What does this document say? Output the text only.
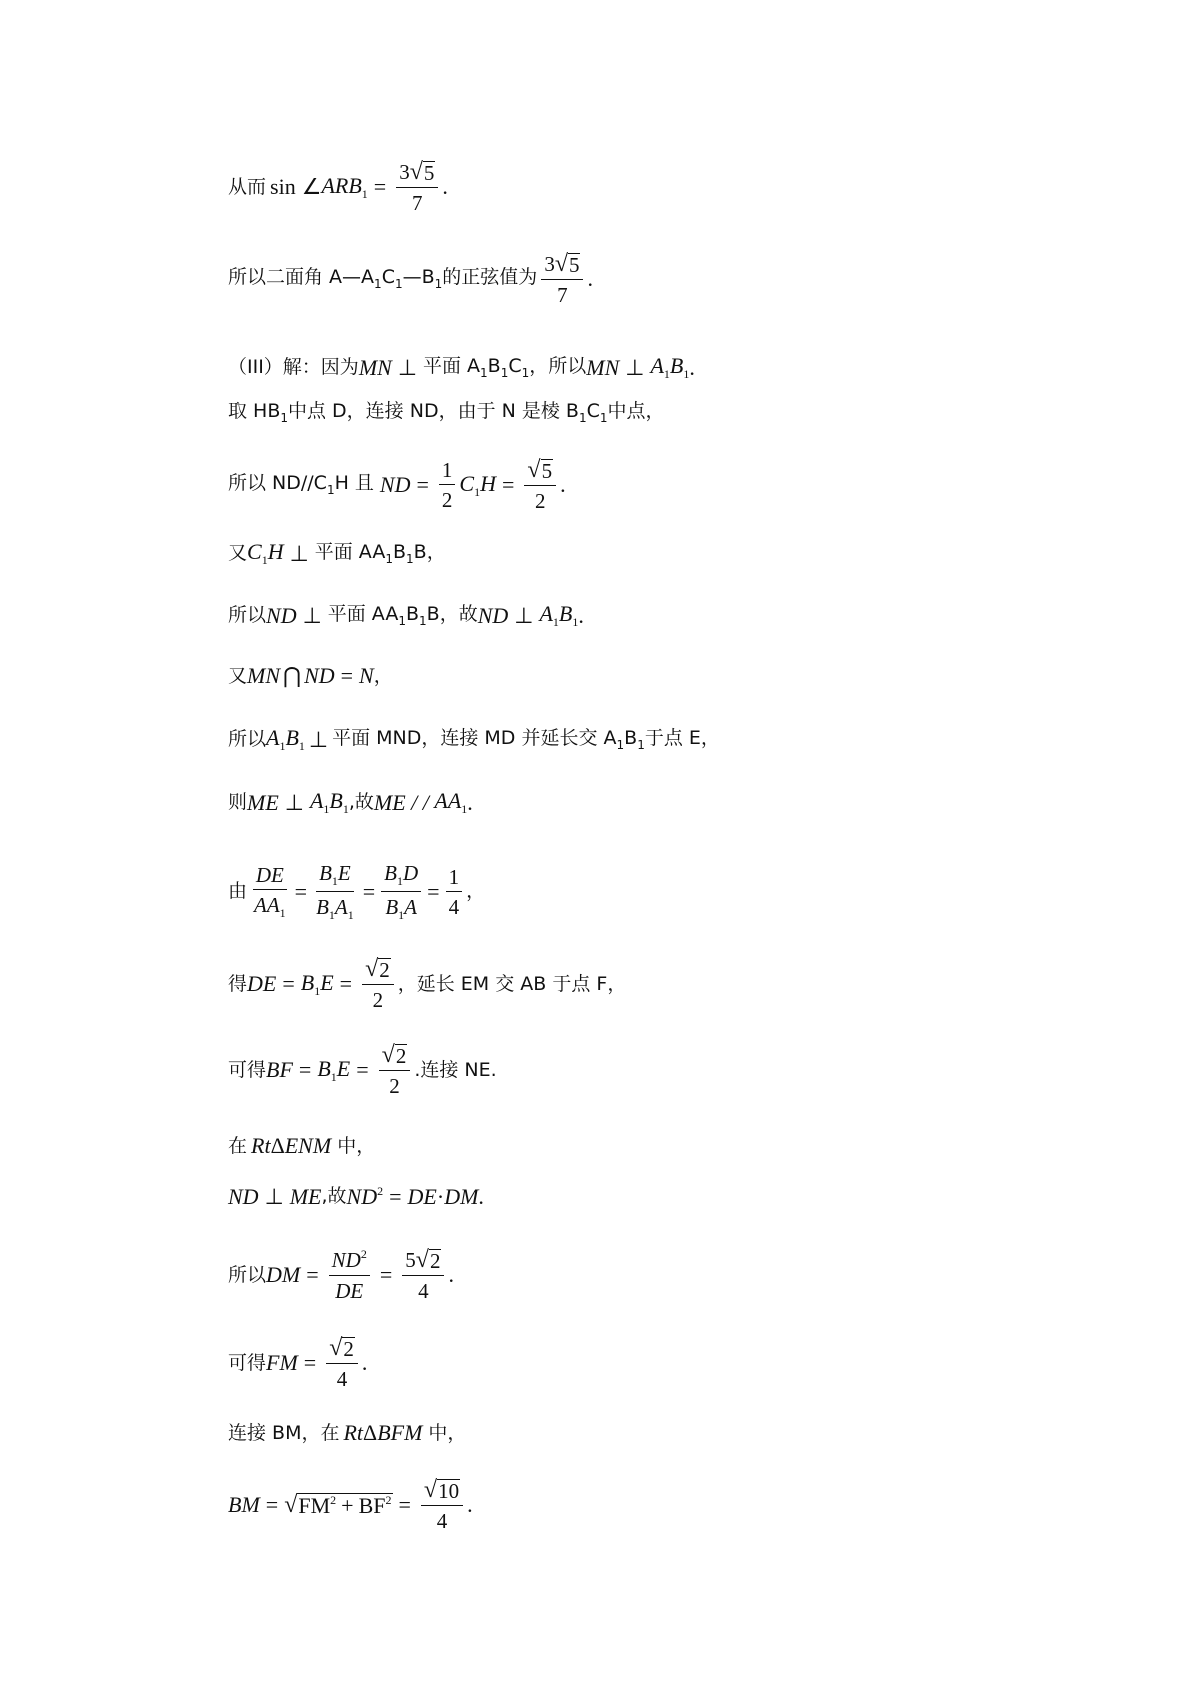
从而 sin ∠ $ARB_1 = \frac{3 √ 5}{7}$ .
所以二面角 $A—A_1C_1—B_1$的正弦值为 $\frac{3 √ 5}{7}$ .
（III）解：因为 MN ⊥ 平面 $A_1B_1C_1$，所以 MN ⊥ $A_1B_1$ .
取 $HB_1$中点 D，连接 ND，由于 N 是棱 $B_1C_1$中点，
所以 $ND//C_1H$ 且 ND = $\frac{1}{2} C_1H = \frac{√ 5}{2}$ .
又 $C_1H$ ⊥ 平面 $AA_1B_1B$，
所以 ND ⊥ 平面 $AA_1B_1B$，故 ND ⊥ $A_1B_1$ .
又 MN ⋂ ND = N ，
所以 $A_1B_1$ ⊥ 平面 MND，连接 MD 并延长交 $A_1B_1$于点 E，
则 ME ⊥ $A_1B_1$ ,故 ME / / $AA_1$ .
由 $\frac{DE}{AA_1} = \frac{B_1E}{B_1A_1} = \frac{B_1D}{B_1A} = \frac{1}{4}$ ，
得 DE = $B_1E = \frac{√ 2}{2}$ ，延长 EM 交 AB 于点 F，
可得 BF = $B_1E = \frac{√ 2}{2}$ .连接 NE.
在 Rt Δ ENM 中，
ND ⊥ ME ,故 $ND^2$ = DE · DM .
所以 DM = $\frac{ND^2}{DE} = \frac{5 √ 2}{4}$ .
可得 FM = $\frac{√ 2}{4}$ .
连接 BM，在 Rt Δ BFM 中，
BM = √ $FM^2 + BF^2 = \frac{√ 10}{4}$ .
